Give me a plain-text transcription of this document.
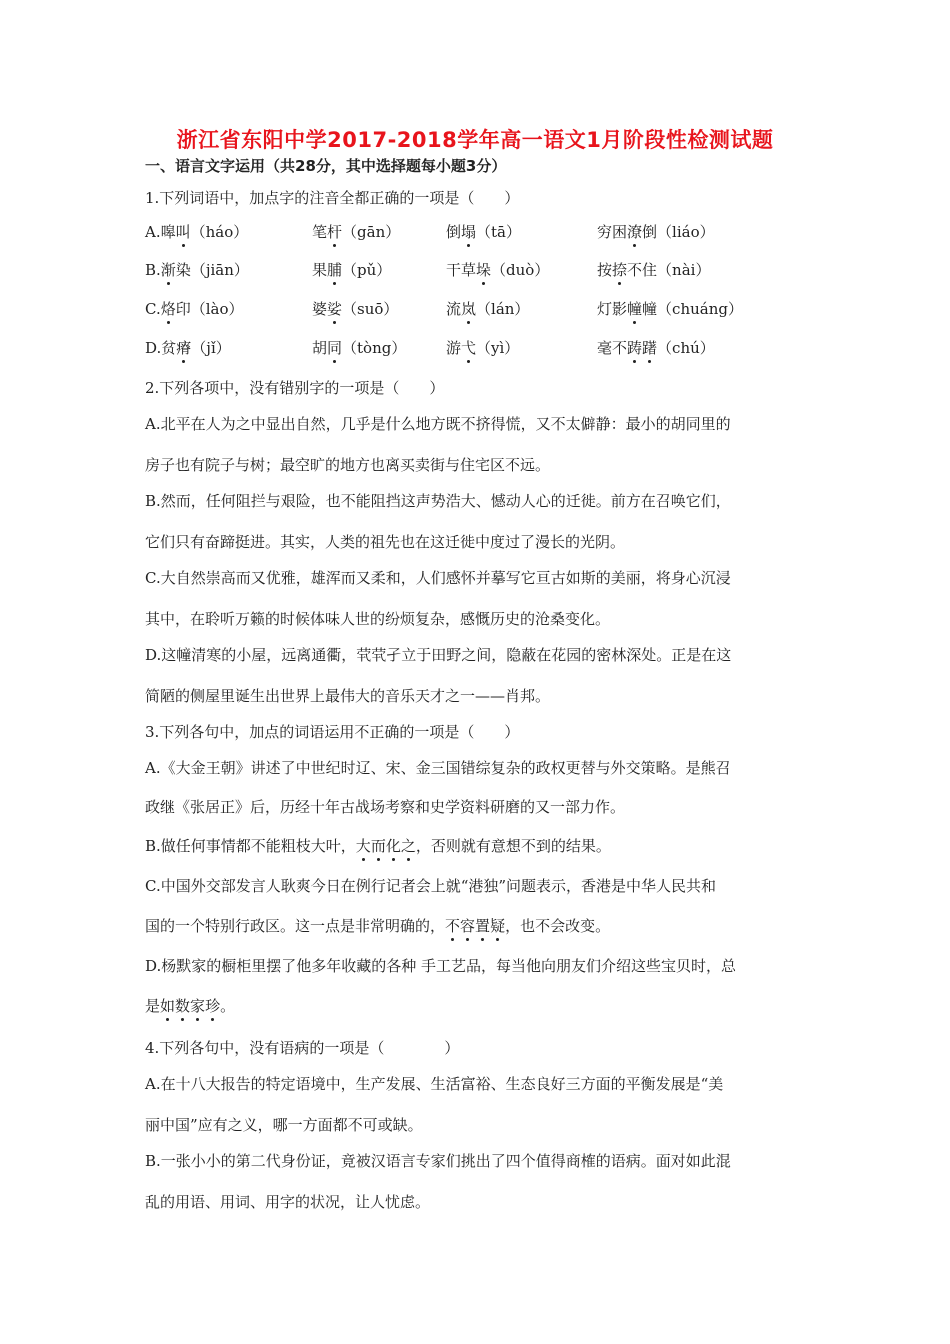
浙江省东阳中学2017-2018学年高一语文1月阶段性检测试题
一、语言文字运用（共28分，其中选择题每小题3分）
1.下列词语中，加点字的注音全都正确的一项是（　　）
A.嗥叫（háo）	笔杆（gān）	倒塌（tā）	穷困潦倒（liáo）
B.渐染（jiān）	果脯（pǔ）	干草垛（duò）	按捺不住（nài）
C.烙印（lào）	婆娑（suō）	流岚（lán）	灯影幢幢（chuáng）
D.贫瘠（jǐ）	胡同（tòng）	游弋（yì）	毫不踌躇（chú）
2.下列各项中，没有错别字的一项是（　　）
A.北平在人为之中显出自然，几乎是什么地方既不挤得慌，又不太僻静：最小的胡同里的
房子也有院子与树；最空旷的地方也离买卖街与住宅区不远。
B.然而，任何阻拦与艰险，也不能阻挡这声势浩大、憾动人心的迁徙。前方在召唤它们，
它们只有奋蹄挺进。其实，人类的祖先也在这迁徙中度过了漫长的光阴。
C.大自然崇高而又优雅，雄浑而又柔和，人们感怀并摹写它亘古如斯的美丽，将身心沉浸
其中，在聆听万籁的时候体味人世的纷烦复杂，感慨历史的沧桑变化。
D.这幢清寒的小屋，远离通衢，茕茕孑立于田野之间，隐蔽在花园的密林深处。正是在这
简陋的侧屋里诞生出世界上最伟大的音乐天才之一——肖邦。
3.下列各句中，加点的词语运用不正确的一项是（　　）
A.《大金王朝》讲述了中世纪时辽、宋、金三国错综复杂的政权更替与外交策略。是熊召
政继《张居正》后，历经十年古战场考察和史学资料研磨的又一部力作。
B.做任何事情都不能粗枝大叶，大而化之，否则就有意想不到的结果。
C.中国外交部发言人耿爽今日在例行记者会上就“港独”问题表示，香港是中华人民共和
国的一个特别行政区。这一点是非常明确的，不容置疑，也不会改变。
D.杨默家的橱柜里摆了他多年收藏的各种 手工艺品，每当他向朋友们介绍这些宝贝时，总
是如数家珍。
4.下列各句中，没有语病的一项是（　　　　）
A.在十八大报告的特定语境中，生产发展、生活富裕、生态良好三方面的平衡发展是“美
丽中国”应有之义，哪一方面都不可或缺。
B.一张小小的第二代身份证，竟被汉语言专家们挑出了四个值得商榷的语病。面对如此混
乱的用语、用词、用字的状况，让人忧虑。
